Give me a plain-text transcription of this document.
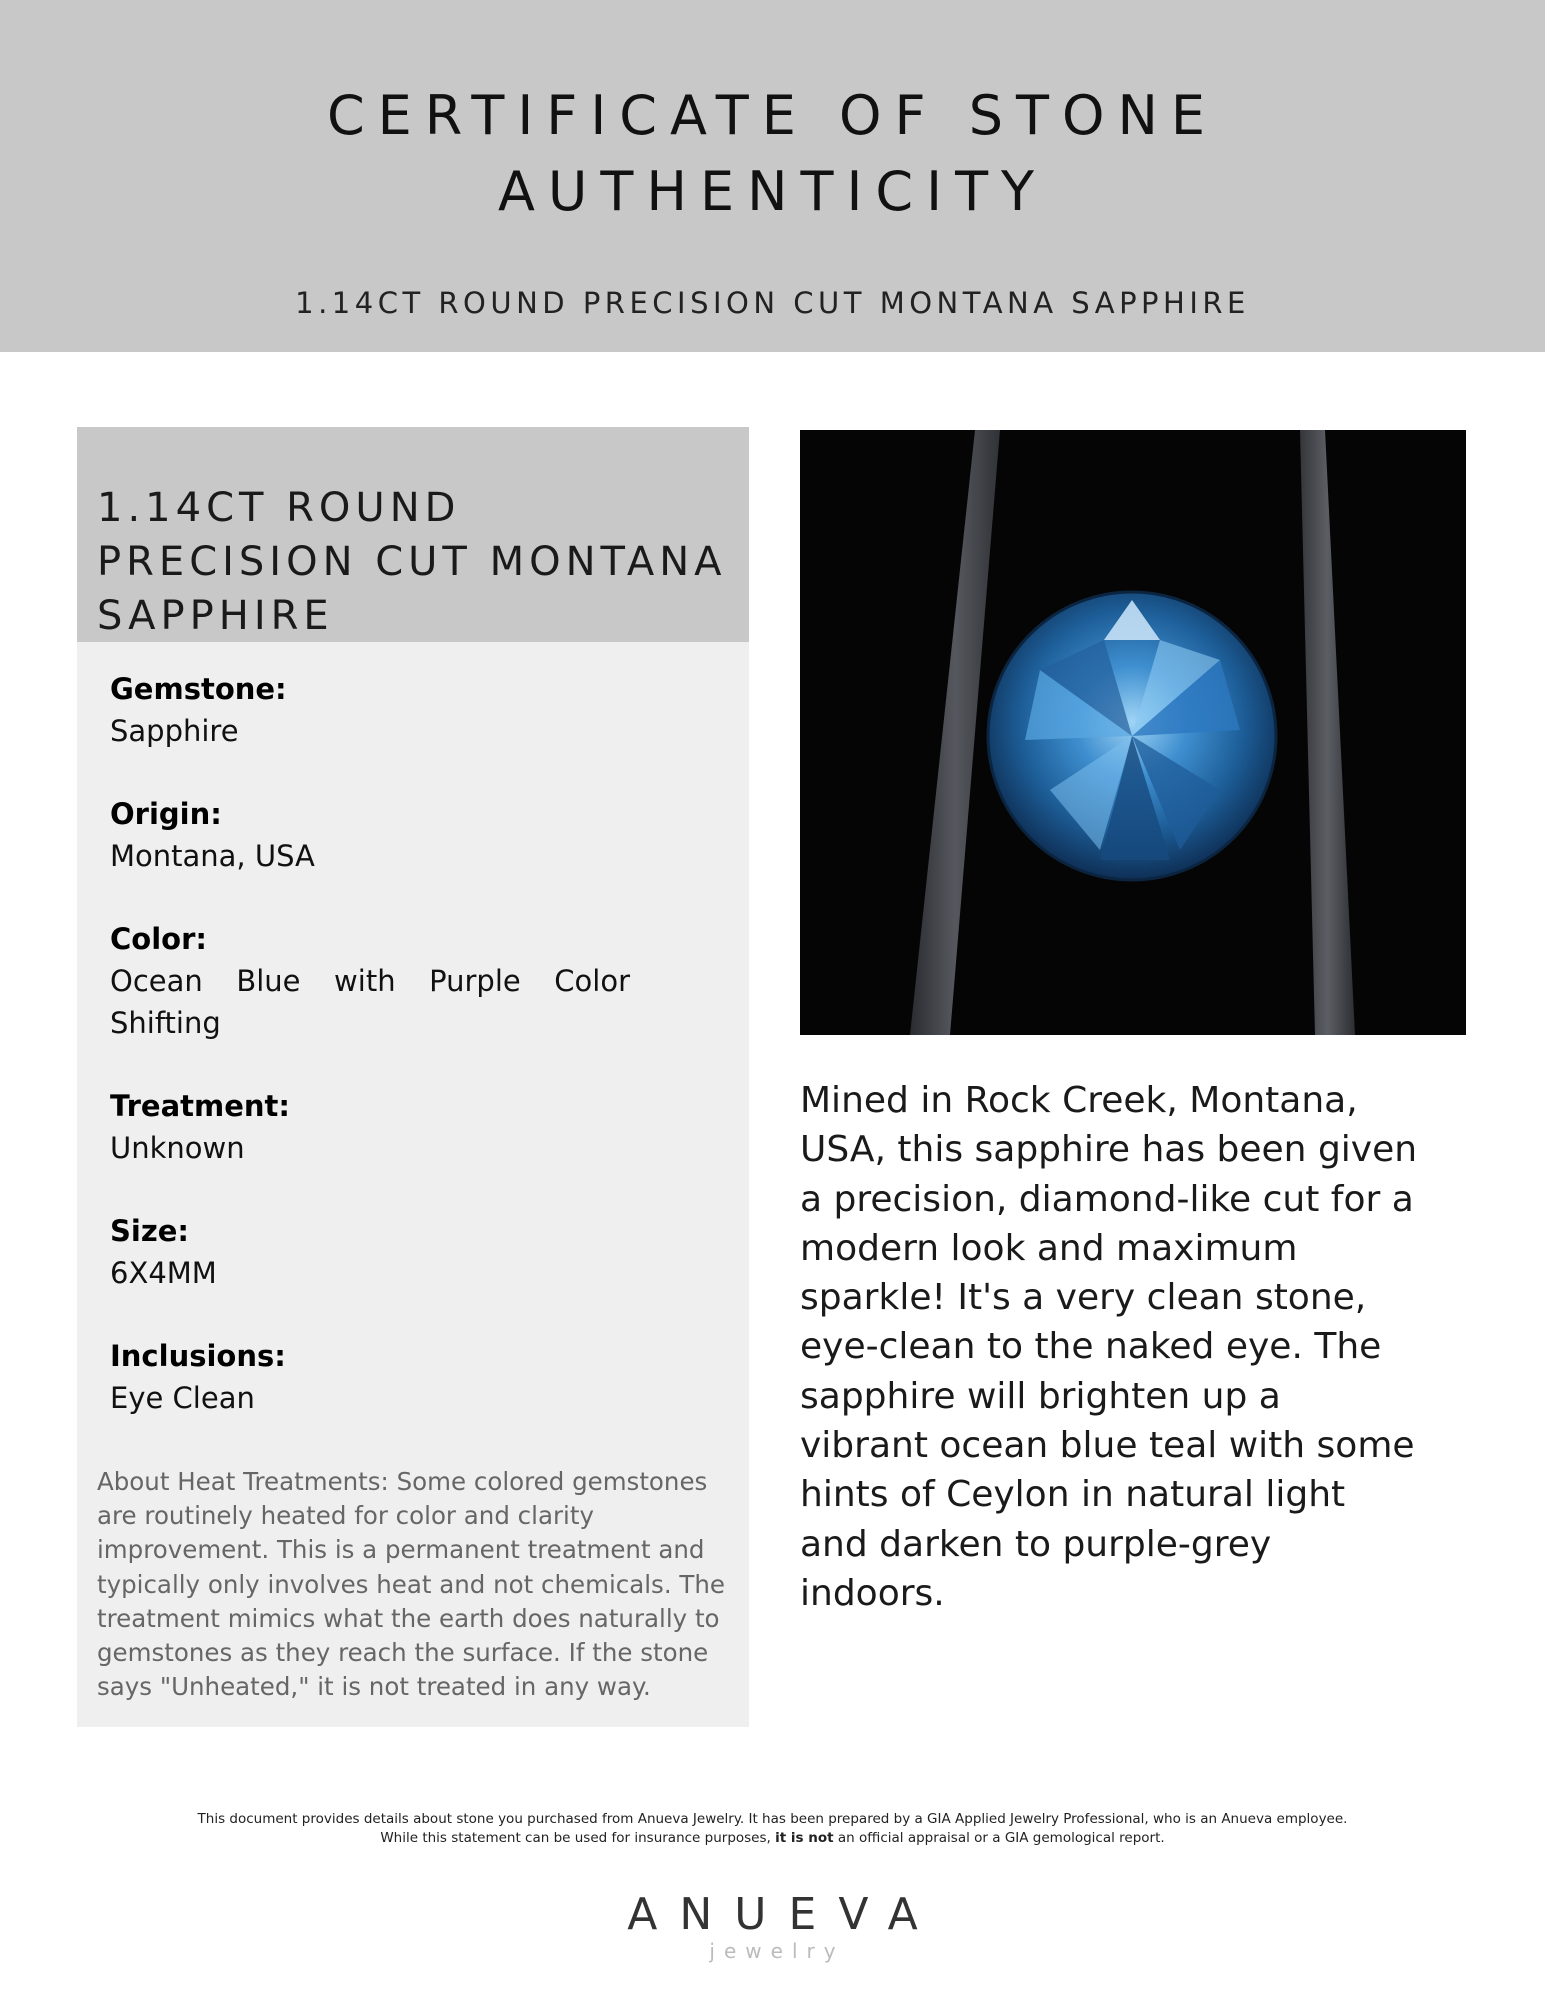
CERTIFICATE OF STONE
AUTHENTICITY
1.14CT ROUND PRECISION CUT MONTANA SAPPHIRE
1.14CT ROUND PRECISION CUT MONTANA SAPPHIRE
Gemstone:
Sapphire
Origin:
Montana, USA
Color:
Ocean Blue with Purple Color Shifting
Treatment:
Unknown
Size:
6X4MM
Inclusions:
Eye Clean
About Heat Treatments: Some colored gemstones are routinely heated for color and clarity improvement. This is a permanent treatment and typically only involves heat and not chemicals. The treatment mimics what the earth does naturally to gemstones as they reach the surface. If the stone says "Unheated," it is not treated in any way.
Mined in Rock Creek, Montana, USA, this sapphire has been given a precision, diamond-like cut for a modern look and maximum sparkle! It's a very clean stone, eye-clean to the naked eye. The sapphire will brighten up a vibrant ocean blue teal with some hints of Ceylon in natural light and darken to purple-grey indoors.
This document provides details about stone you purchased from Anueva Jewelry. It has been prepared by a GIA Applied Jewelry Professional, who is an Anueva employee.
While this statement can be used for insurance purposes, it is not an official appraisal or a GIA gemological report.
ANUEVA
jewelry
